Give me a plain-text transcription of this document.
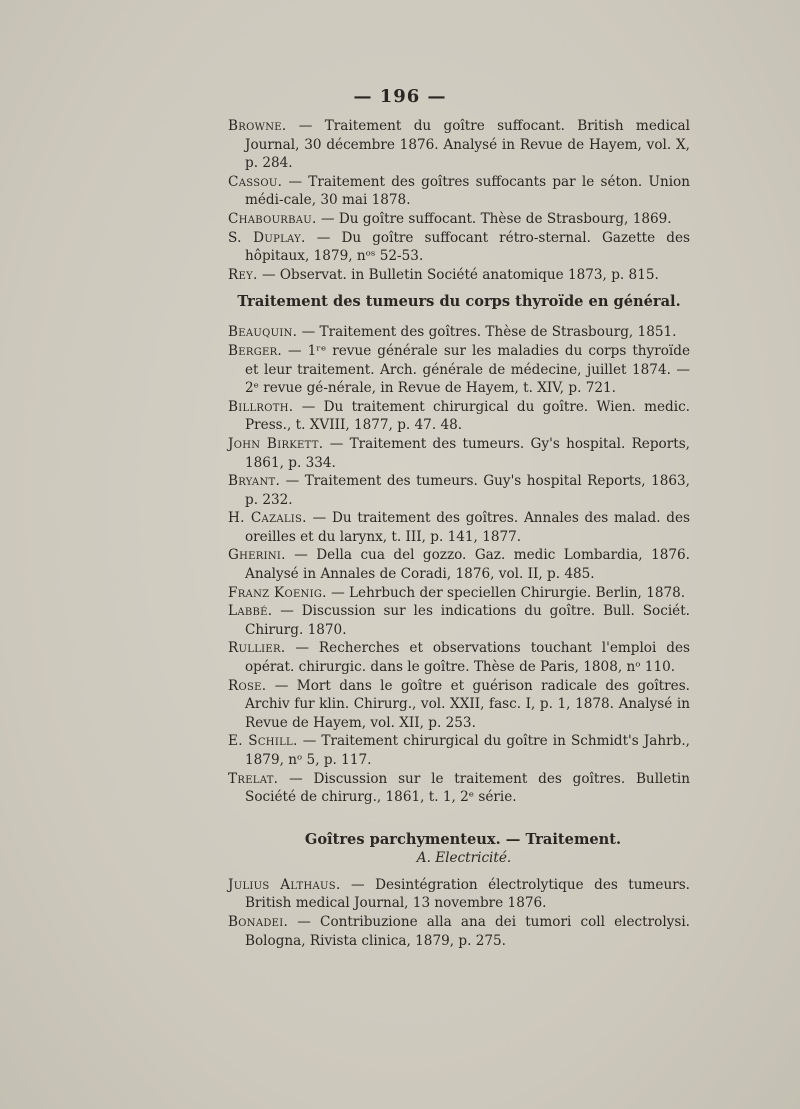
— 196 —

Browne. — Traitement du goître suffocant. British medical Journal, 30 décembre 1876. Analysé in Revue de Hayem, vol. X, p. 284.

Cassou. — Traitement des goîtres suffocants par le séton. Union médi-cale, 30 mai 1878.

Chabourbau. — Du goître suffocant. Thèse de Strasbourg, 1869.

S. Duplay. — Du goître suffocant rétro-sternal. Gazette des hôpitaux, 1879, nᵒˢ 52-53.

Rey. — Observat. in Bulletin Société anatomique 1873, p. 815.

Traitement des tumeurs du corps thyroïde en général.

Beauquin. — Traitement des goîtres. Thèse de Strasbourg, 1851.

Berger. — 1ʳᵉ revue générale sur les maladies du corps thyroïde et leur traitement. Arch. générale de médecine, juillet 1874. — 2ᵉ revue gé-nérale, in Revue de Hayem, t. XIV, p. 721.

Billroth. — Du traitement chirurgical du goître. Wien. medic. Press., t. XVIII, 1877, p. 47. 48.

John Birkett. — Traitement des tumeurs. Gy's hospital. Reports, 1861, p. 334.

Bryant. — Traitement des tumeurs. Guy's hospital Reports, 1863, p. 232.

H. Cazalis. — Du traitement des goîtres. Annales des malad. des oreilles et du larynx, t. III, p. 141, 1877.

Gherini. — Della cua del gozzo. Gaz. medic Lombardia, 1876. Analysé in Annales de Coradi, 1876, vol. II, p. 485.

Franz Koenig. — Lehrbuch der speciellen Chirurgie. Berlin, 1878.

Labbé. — Discussion sur les indications du goître. Bull. Sociét. Chirurg. 1870.

Rullier. — Recherches et observations touchant l'emploi des opérat. chirurgic. dans le goître. Thèse de Paris, 1808, nᵒ 110.

Rose. — Mort dans le goître et guérison radicale des goîtres. Archiv fur klin. Chirurg., vol. XXII, fasc. I, p. 1, 1878. Analysé in Revue de Hayem, vol. XII, p. 253.

E. Schill. — Traitement chirurgical du goître in Schmidt's Jahrb., 1879, nᵒ 5, p. 117.

Trelat. — Discussion sur le traitement des goîtres. Bulletin Société de chirurg., 1861, t. 1, 2ᵉ série.

Goîtres parchymenteux. — Traitement.
A. Electricité.

Julius Althaus. — Desintégration électrolytique des tumeurs. British medical Journal, 13 novembre 1876.

Bonadei. — Contribuzione alla ana dei tumori coll electrolysi. Bologna, Rivista clinica, 1879, p. 275.
